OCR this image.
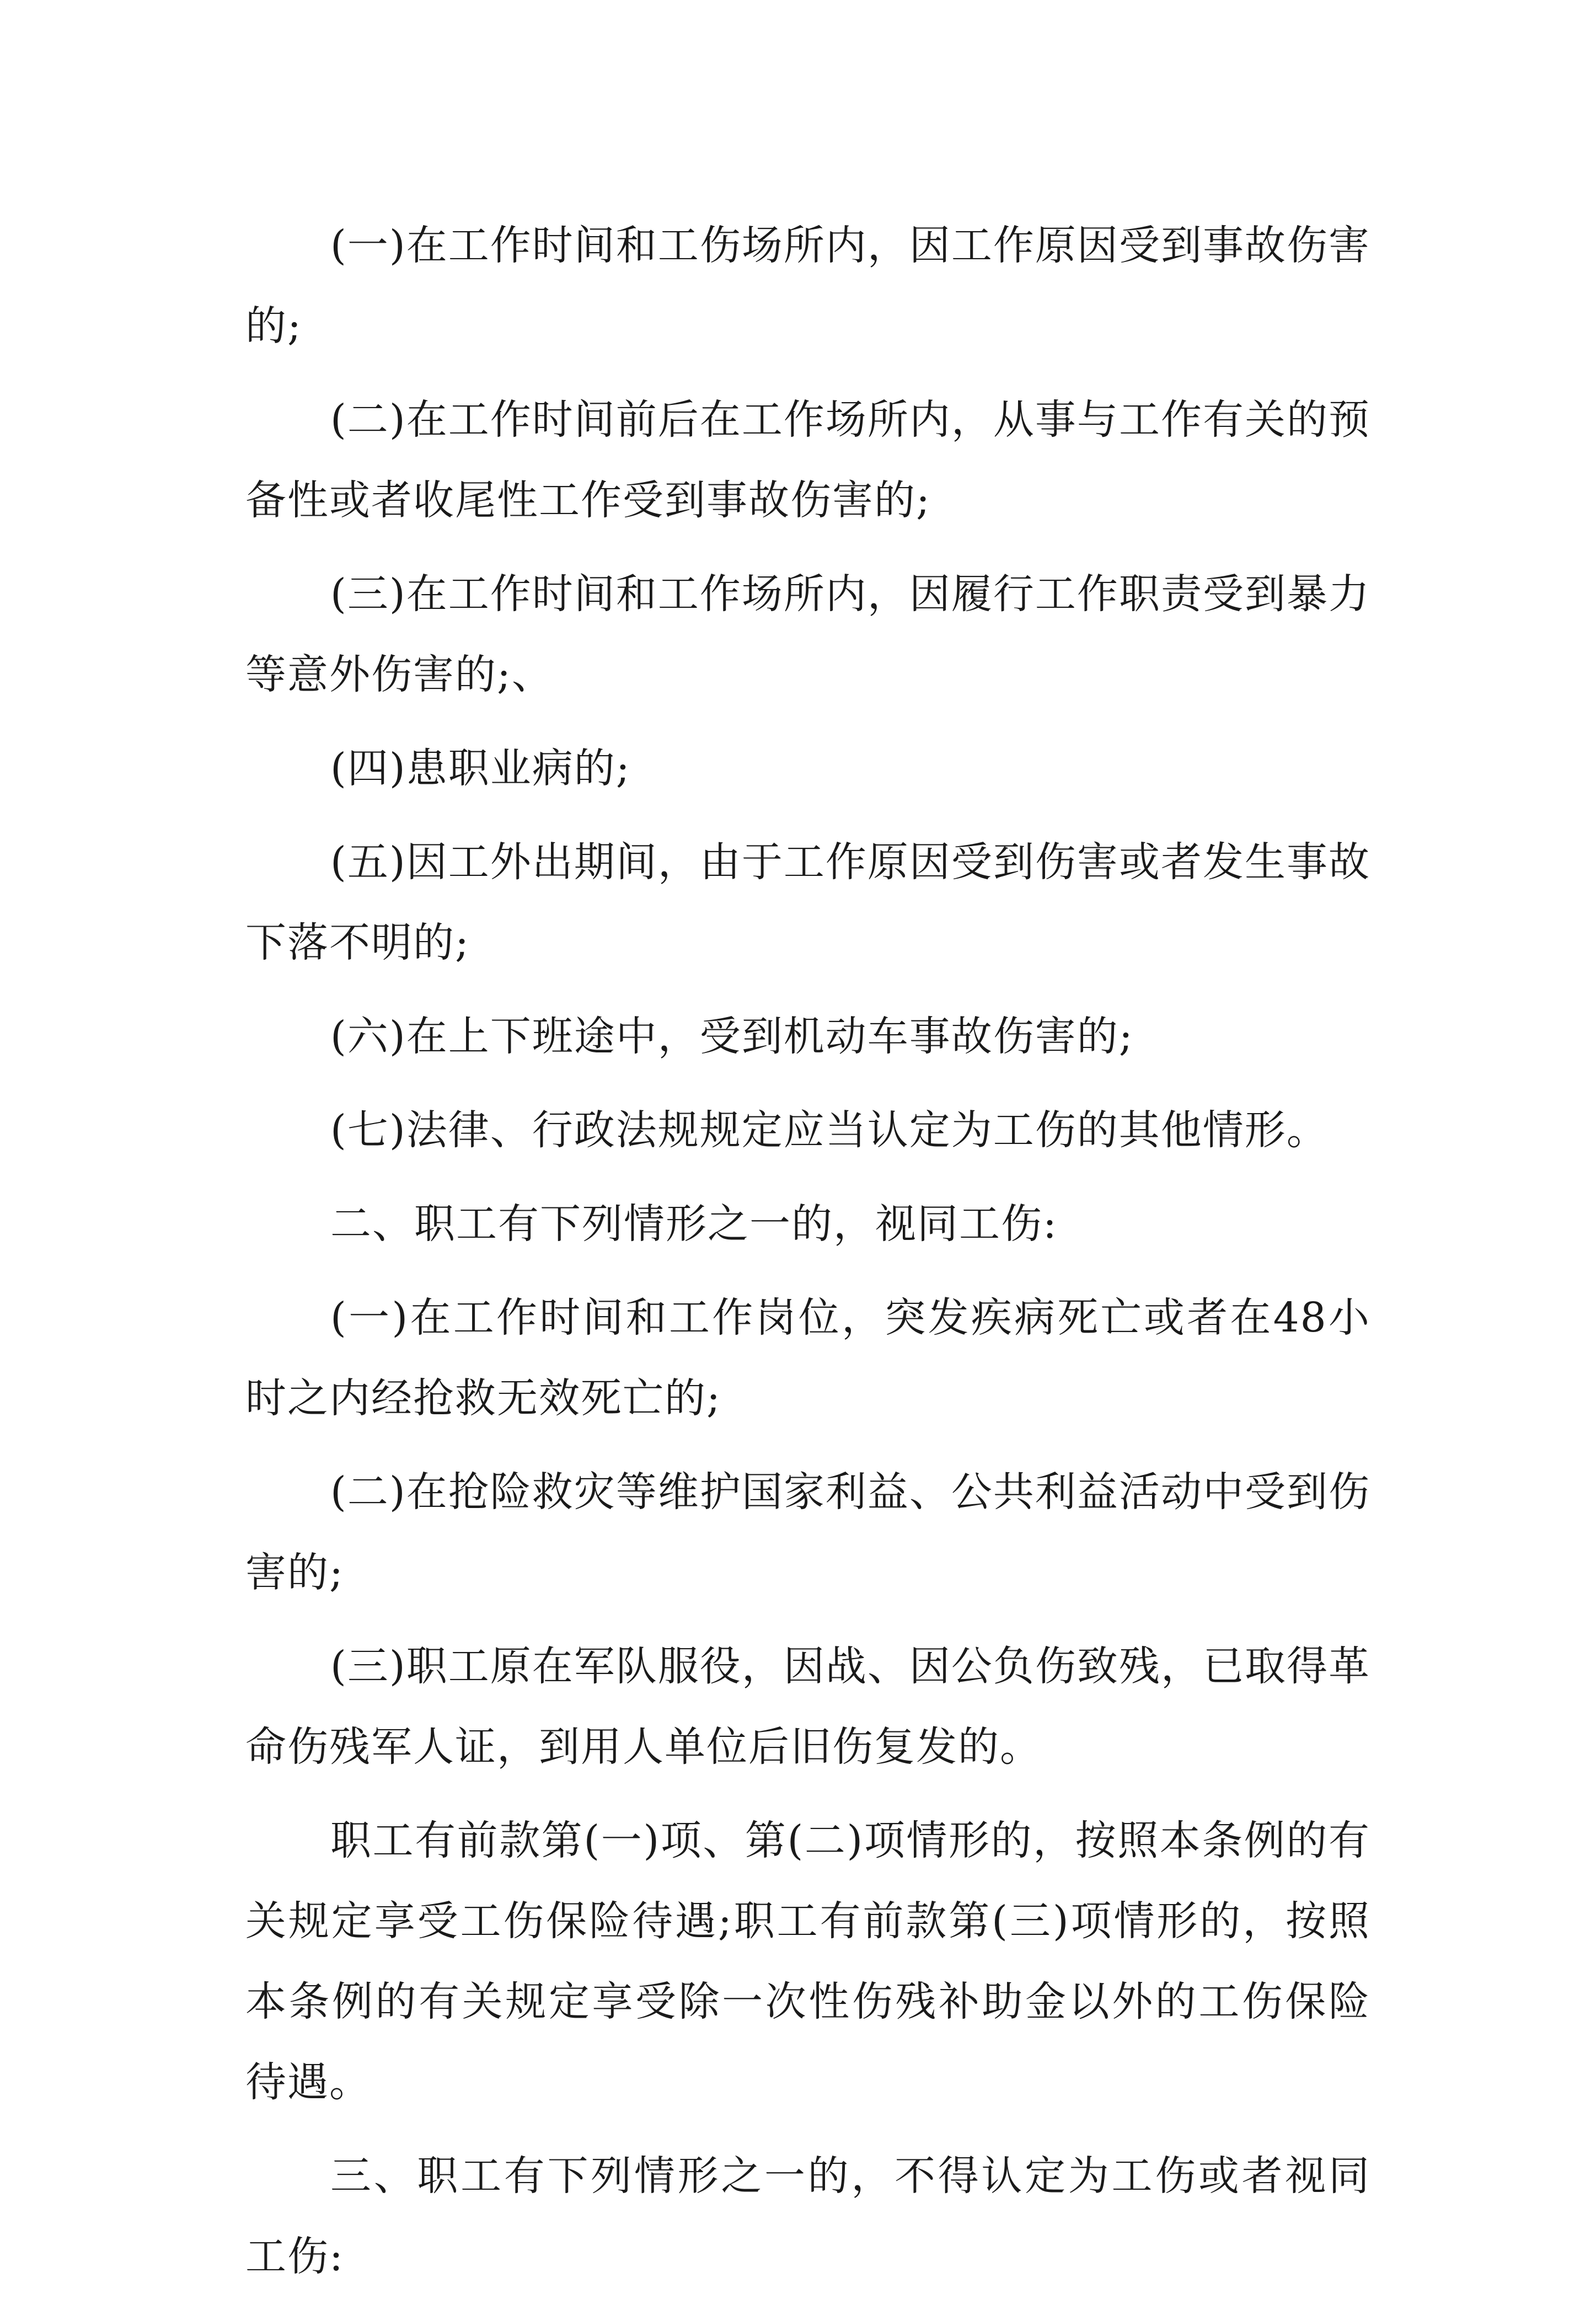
(一)在工作时间和工伤场所内，因工作原因受到事故伤害的;

(二)在工作时间前后在工作场所内，从事与工作有关的预备性或者收尾性工作受到事故伤害的;

(三)在工作时间和工作场所内，因履行工作职责受到暴力等意外伤害的;、

(四)患职业病的;

(五)因工外出期间，由于工作原因受到伤害或者发生事故下落不明的;

(六)在上下班途中，受到机动车事故伤害的;

(七)法律、行政法规规定应当认定为工伤的其他情形。

二、职工有下列情形之一的，视同工伤:

(一)在工作时间和工作岗位，突发疾病死亡或者在48小时之内经抢救无效死亡的;

(二)在抢险救灾等维护国家利益、公共利益活动中受到伤害的;

(三)职工原在军队服役，因战、因公负伤致残，已取得革命伤残军人证，到用人单位后旧伤复发的。

职工有前款第(一)项、第(二)项情形的，按照本条例的有关规定享受工伤保险待遇;职工有前款第(三)项情形的，按照本条例的有关规定享受除一次性伤残补助金以外的工伤保险待遇。

三、职工有下列情形之一的，不得认定为工伤或者视同工伤:
